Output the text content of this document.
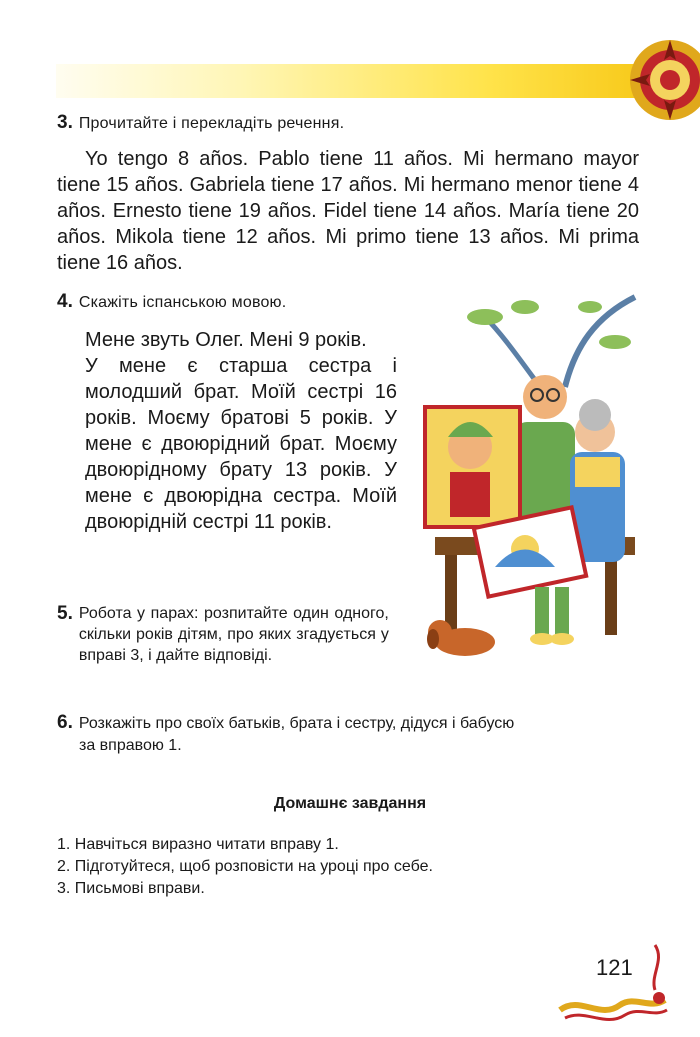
3. Прочитайте і перекладіть речення.
Yo tengo 8 años. Pablo tiene 11 años. Mi hermano mayor tiene 15 años. Gabriela tiene 17 años. Mi hermano menor tiene 4 años. Ernesto tiene 19 años. Fidel tiene 14 años. María tiene 20 años. Mikola tiene 12 años. Mi primo tiene 13 años. Mi prima tiene 16 años.
4. Скажіть іспанською мовою.

Мене звуть Олег. Мені 9 років.

У мене є старша сестра і молодший брат. Моїй сестрі 16 років. Моєму братові 5 років. У мене є двоюрідний брат. Моєму двоюрідному брату 13 років. У мене є двоюрідна сестра. Моїй двоюрідній сестрі 11 років.

5. Робота у парах: розпитайте один одного, скільки років дітям, про яких згадується у вправі 3, і дайте відповіді.
6. Розкажіть про своїх батьків, брата і сестру, дідуся і бабусю
за вправою 1.
Домашнє завдання
1. Навчіться виразно читати вправу 1.
2. Підготуйтеся, щоб розповісти на уроці про себе.
3. Письмові вправи.
121
